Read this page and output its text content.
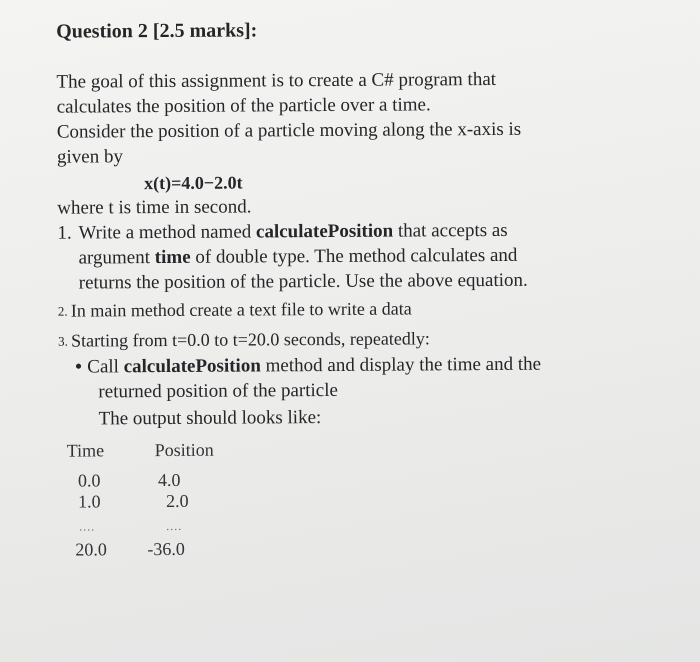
Question 2 [2.5 marks]:
The goal of this assignment is to create a C# program that
calculates the position of the particle over a time.
Consider the position of a particle moving along the x-axis is
given by
x(t)=4.0−2.0t
where t is time in second.
1. Write a method named calculatePosition that accepts as
argument time of double type. The method calculates and
returns the position of the particle. Use the above equation.
2. In main method create a text file to write a data
3. Starting from t=0.0 to t=20.0 seconds, repeatedly:
• Call calculatePosition method and display the time and the
returned position of the particle
The output should looks like:
Time	Position
0.0	4.0
1.0	2.0
....	....
20.0 -36.0
